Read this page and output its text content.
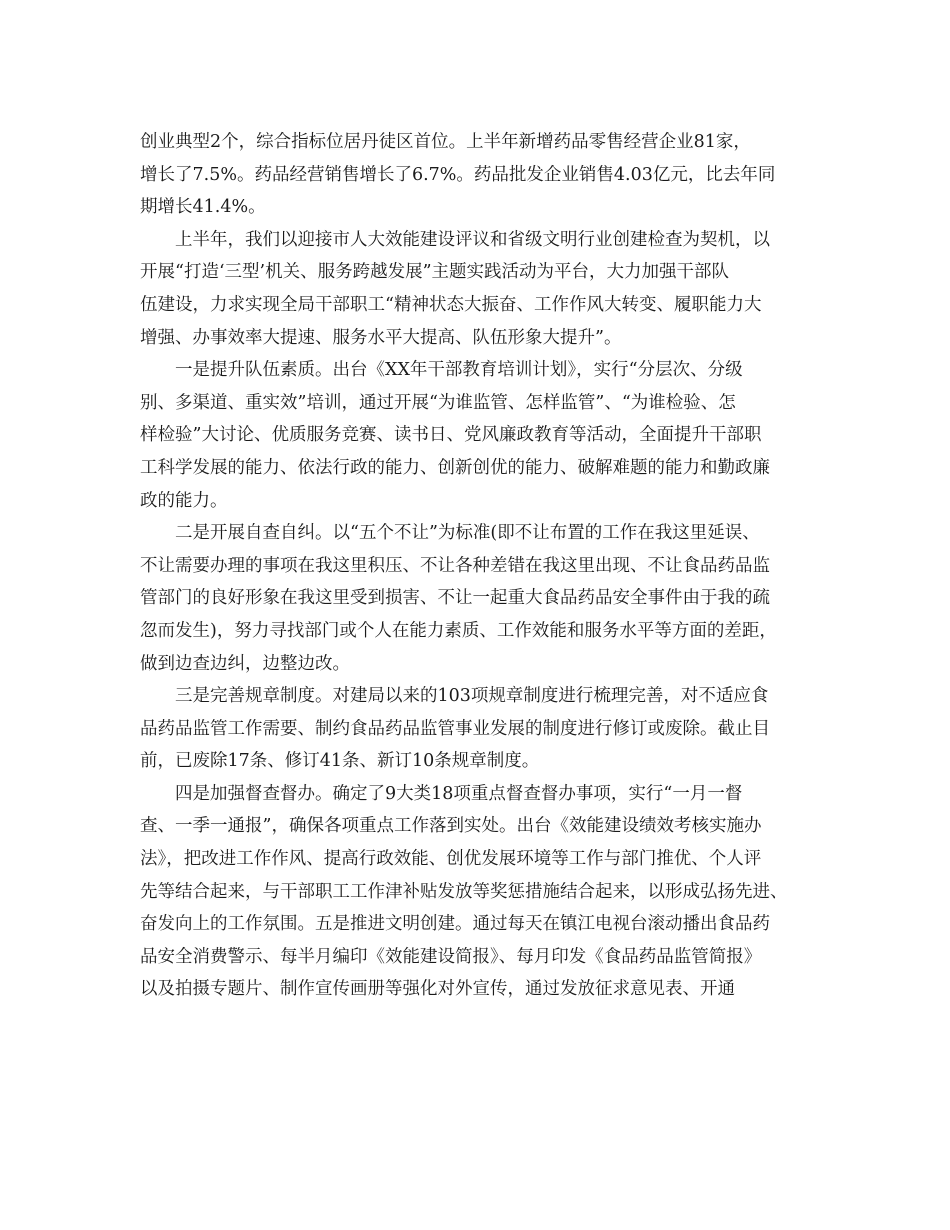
创业典型2个，综合指标位居丹徒区首位。上半年新增药品零售经营企业81家，
增长了7.5%。药品经营销售增长了6.7%。药品批发企业销售4.03亿元，比去年同
期增长41.4%。
上半年，我们以迎接市人大效能建设评议和省级文明行业创建检查为契机，以
开展“打造‘三型’机关、服务跨越发展”主题实践活动为平台，大力加强干部队
伍建设，力求实现全局干部职工“精神状态大振奋、工作作风大转变、履职能力大
增强、办事效率大提速、服务水平大提高、队伍形象大提升”。
一是提升队伍素质。出台《XX年干部教育培训计划》，实行“分层次、分级
别、多渠道、重实效”培训，通过开展“为谁监管、怎样监管”、“为谁检验、怎
样检验”大讨论、优质服务竞赛、读书日、党风廉政教育等活动，全面提升干部职
工科学发展的能力、依法行政的能力、创新创优的能力、破解难题的能力和勤政廉
政的能力。
二是开展自查自纠。以“五个不让”为标准(即不让布置的工作在我这里延误、
不让需要办理的事项在我这里积压、不让各种差错在我这里出现、不让食品药品监
管部门的良好形象在我这里受到损害、不让一起重大食品药品安全事件由于我的疏
忽而发生)，努力寻找部门或个人在能力素质、工作效能和服务水平等方面的差距，
做到边查边纠，边整边改。
三是完善规章制度。对建局以来的103项规章制度进行梳理完善，对不适应食
品药品监管工作需要、制约食品药品监管事业发展的制度进行修订或废除。截止目
前，已废除17条、修订41条、新订10条规章制度。
四是加强督查督办。确定了9大类18项重点督查督办事项，实行“一月一督
查、一季一通报”，确保各项重点工作落到实处。出台《效能建设绩效考核实施办
法》，把改进工作作风、提高行政效能、创优发展环境等工作与部门推优、个人评
先等结合起来，与干部职工工作津补贴发放等奖惩措施结合起来，以形成弘扬先进、
奋发向上的工作氛围。五是推进文明创建。通过每天在镇江电视台滚动播出食品药
品安全消费警示、每半月编印《效能建设简报》、每月印发《食品药品监管简报》
以及拍摄专题片、制作宣传画册等强化对外宣传，通过发放征求意见表、开通
